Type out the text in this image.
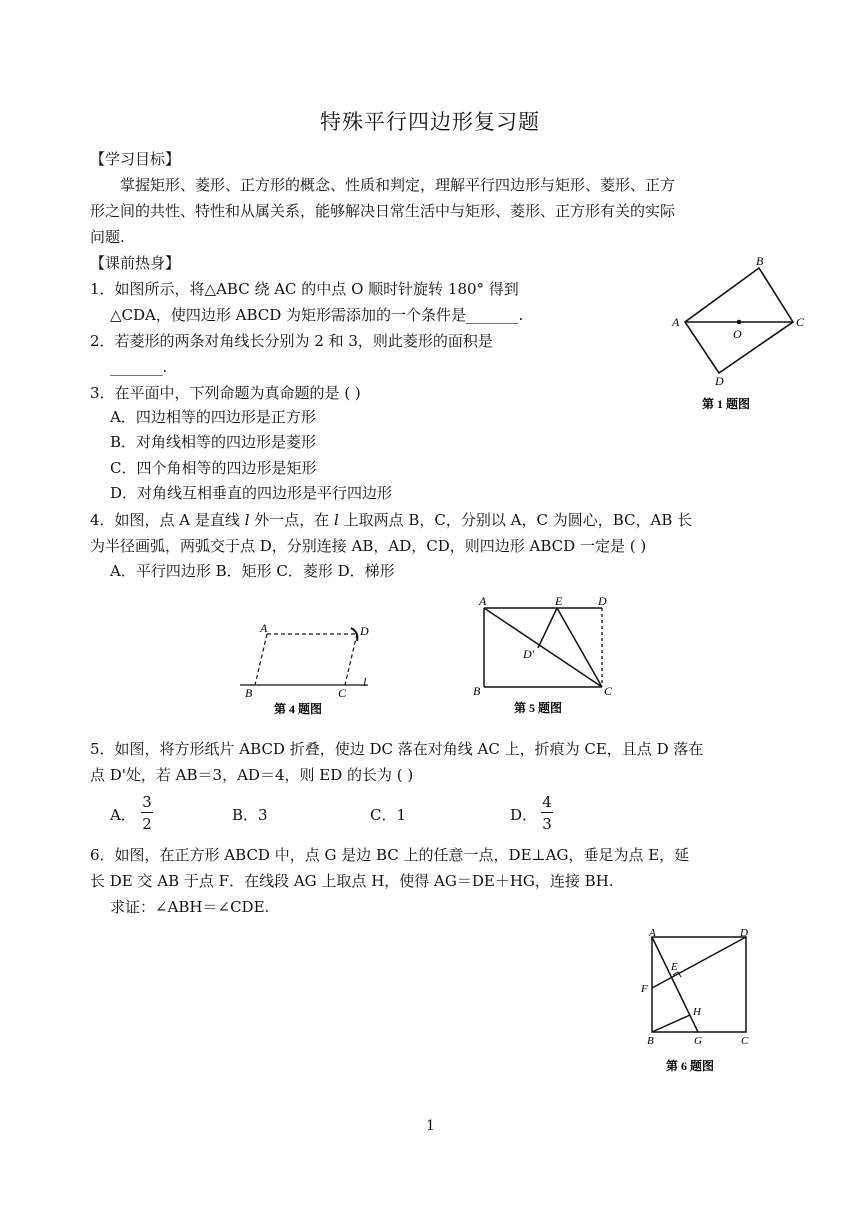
特殊平行四边形复习题
【学习目标】
掌握矩形、菱形、正方形的概念、性质和判定，理解平行四边形与矩形、菱形、正方
形之间的共性、特性和从属关系，能够解决日常生活中与矩形、菱形、正方形有关的实际
问题.
【课前热身】
1．如图所示，将△ABC 绕 AC 的中点 O 顺时针旋转 180° 得到
△CDA，使四边形 ABCD 为矩形需添加的一个条件是_______.
2．若菱形的两条对角线长分别为 2 和 3，则此菱形的面积是
_______.
3．在平面中，下列命题为真命题的是 ( )
A．四边相等的四边形是正方形
B．对角线相等的四边形是菱形
C．四个角相等的四边形是矩形
D．对角线互相垂直的四边形是平行四边形
4．如图，点 A 是直线 l 外一点，在 l 上取两点 B，C，分别以 A，C 为圆心，BC，AB 长
为半径画弧，两弧交于点 D，分别连接 AB，AD，CD，则四边形 ABCD 一定是 ( )
A．平行四边形 B．矩形 C．菱形 D．梯形
5．如图，将方形纸片 ABCD 折叠，使边 DC 落在对角线 AC 上，折痕为 CE，且点 D 落在
点 D'处，若 AB＝3，AD＝4，则 ED 的长为 ( )
A．
3
2	B．3	C．1	D．
4
3
6．如图，在正方形 ABCD 中，点 G 是边 BC 上的任意一点，DE⊥AG，垂足为点 E，延
长 DE 交 AB 于点 F．在线段 AG 上取点 H，使得 AG＝DE＋HG，连接 BH.
求证：∠ABH＝∠CDE.
B
A	C
O
D
第 1 题图
A	D
B	C
l
第 4 题图
A	E	D
D'
B	C
第 5 题图
A	D
E
F
H
B	G	C
第 6 题图
1
